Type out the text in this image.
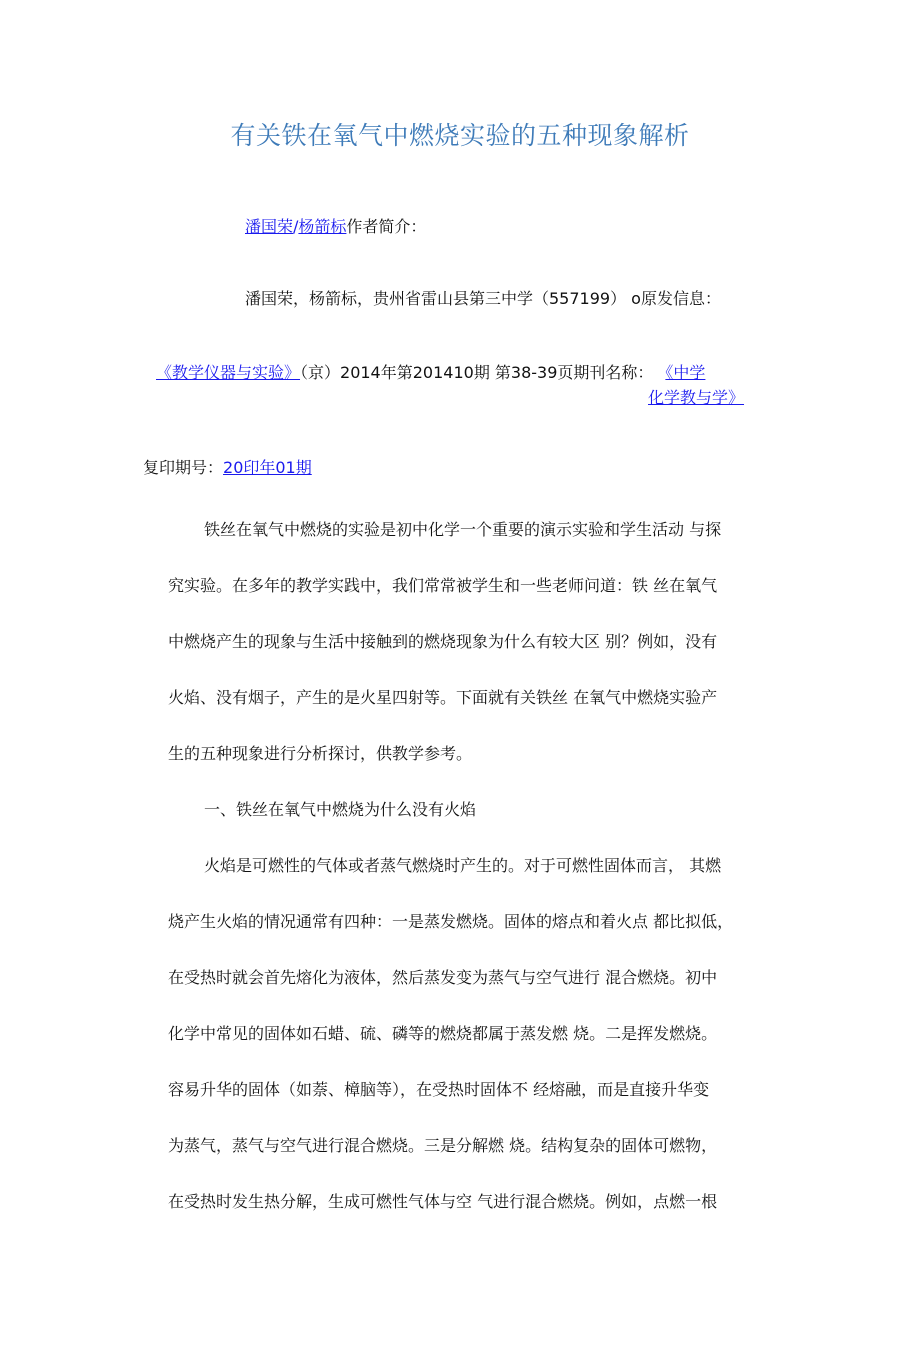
有关铁在氧气中燃烧实验的五种现象解析
潘国荣/杨箭标作者简介：
潘国荣，杨箭标，贵州省雷山县第三中学（557199） o原发信息：
《教学仪器与实验》（京）2014年第201410期 第38-39页期刊名称： 《中学
化学教与学》
复印期号：20印年01期
铁丝在氧气中燃烧的实验是初中化学一个重要的演示实验和学生活动 与探
究实验。在多年的教学实践中，我们常常被学生和一些老师问道：铁 丝在氧气
中燃烧产生的现象与生活中接触到的燃烧现象为什么有较大区 别？例如，没有
火焰、没有烟子，产生的是火星四射等。下面就有关铁丝 在氧气中燃烧实验产
生的五种现象进行分析探讨，供教学参考。
一、铁丝在氧气中燃烧为什么没有火焰
火焰是可燃性的气体或者蒸气燃烧时产生的。对于可燃性固体而言， 其燃
烧产生火焰的情况通常有四种：一是蒸发燃烧。固体的熔点和着火点 都比拟低，
在受热时就会首先熔化为液体，然后蒸发变为蒸气与空气进行 混合燃烧。初中
化学中常见的固体如石蜡、硫、磷等的燃烧都属于蒸发燃 烧。二是挥发燃烧。
容易升华的固体（如萘、樟脑等），在受热时固体不 经熔融，而是直接升华变
为蒸气，蒸气与空气进行混合燃烧。三是分解燃 烧。结构复杂的固体可燃物，
在受热时发生热分解，生成可燃性气体与空 气进行混合燃烧。例如，点燃一根
